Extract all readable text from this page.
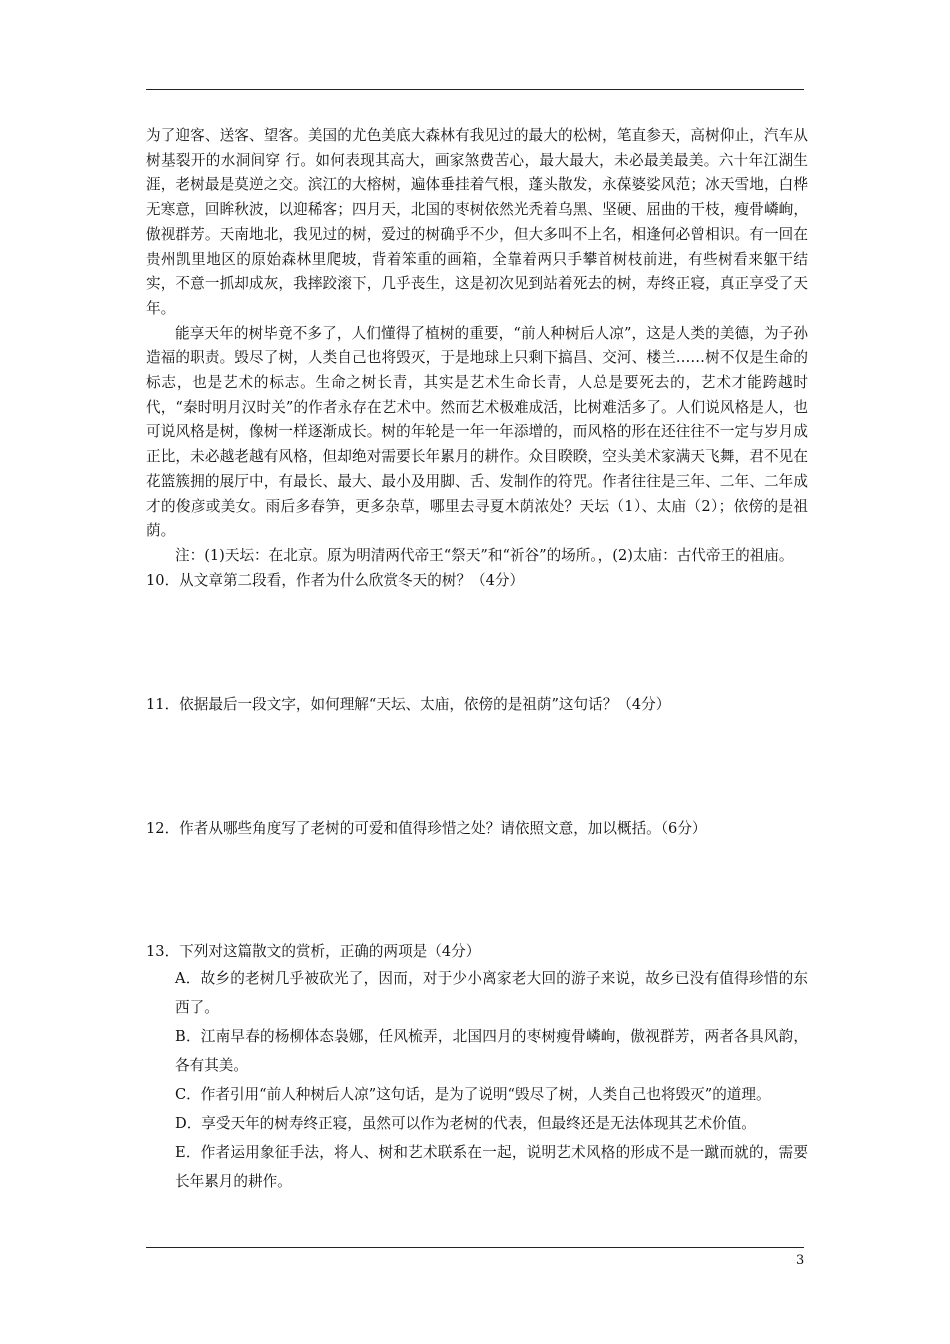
为了迎客、送客、望客。美国的尤色美底大森林有我见过的最大的松树，笔直参天，高树仰止，汽车从树基裂开的水洞间穿 行。如何表现其高大，画家煞费苦心，最大最大，未必最美最美。六十年江湖生涯，老树最是莫逆之交。滨江的大榕树，遍体垂挂着气根，蓬头散发，永葆婆娑风范；冰天雪地，白桦无寒意，回眸秋波，以迎稀客；四月天，北国的枣树依然光秃着乌黑、坚硬、屈曲的干枝，瘦骨嶙峋，傲视群芳。天南地北，我见过的树，爱过的树确乎不少，但大多叫不上名，相逢何必曾相识。有一回在贵州凯里地区的原始森林里爬坡，背着笨重的画箱，全靠着两只手攀首树枝前进，有些树看来躯干结实，不意一抓却成灰，我摔跤滚下，几乎丧生，这是初次见到站着死去的树，寿终正寝，真正享受了天年。

能享天年的树毕竟不多了，人们懂得了植树的重要，“前人种树后人凉”，这是人类的美德，为子孙造福的职责。毁尽了树，人类自己也将毁灭，于是地球上只剩下搞昌、交河、楼兰……树不仅是生命的标志，也是艺术的标志。生命之树长青，其实是艺术生命长青，人总是要死去的，艺术才能跨越时代，“秦时明月汉时关”的作者永存在艺术中。然而艺术极难成活，比树难活多了。人们说风格是人，也可说风格是树，像树一样逐渐成长。树的年轮是一年一年添增的，而风格的形在还往往不一定与岁月成正比，未必越老越有风格，但却绝对需要长年累月的耕作。众目睽睽，空头美术家满天飞舞，君不见在花篮簇拥的展厅中，有最长、最大、最小及用脚、舌、发制作的符咒。作者往往是三年、二年、二年成才的俊彦或美女。雨后多春笋，更多杂草，哪里去寻夏木荫浓处？天坛（1）、太庙（2）；依傍的是祖荫。

注：(1)天坛：在北京。原为明清两代帝王“祭天”和“祈谷”的场所。，(2)太庙：古代帝王的祖庙。

10．从文章第二段看，作者为什么欣赏冬天的树？（4分）

11．依据最后一段文字，如何理解“天坛、太庙，依傍的是祖荫”这句话？（4分）

12．作者从哪些角度写了老树的可爱和值得珍惜之处？请依照文意，加以概括。（6分）

13．下列对这篇散文的赏析，正确的两项是（4分）

A．故乡的老树几乎被砍光了，因而，对于少小离家老大回的游子来说，故乡已没有值得珍惜的东西了。

B．江南早春的杨柳体态袅娜，任风梳弄，北国四月的枣树瘦骨嶙峋，傲视群芳，两者各具风韵，各有其美。

C．作者引用“前人种树后人凉”这句话，是为了说明“毁尽了树，人类自己也将毁灭”的道理。

D．享受天年的树寿终正寝，虽然可以作为老树的代表，但最终还是无法体现其艺术价值。

E．作者运用象征手法，将人、树和艺术联系在一起，说明艺术风格的形成不是一蹴而就的，需要长年累月的耕作。

3
